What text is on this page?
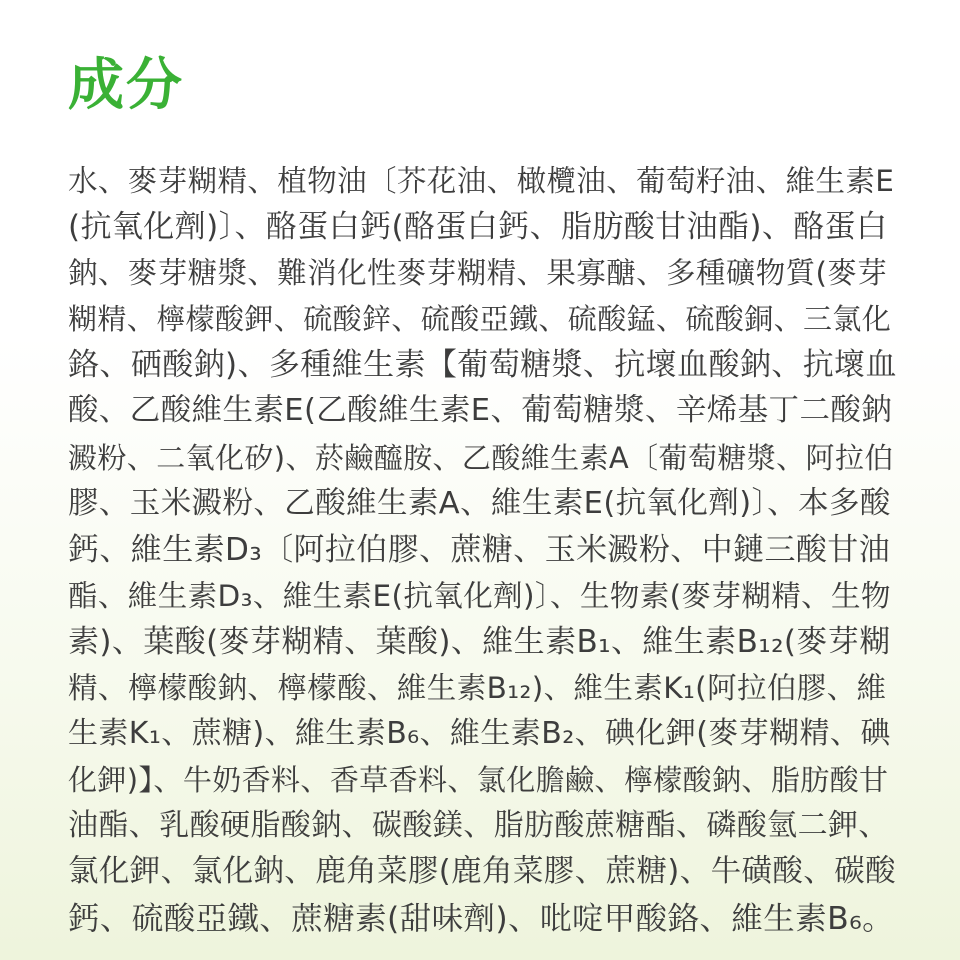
成分
水、麥芽糊精、植物油〔芥花油、橄欖油、葡萄籽油、維生素E
(抗氧化劑)〕、酪蛋白鈣(酪蛋白鈣、脂肪酸甘油酯)、酪蛋白
鈉、麥芽糖漿、難消化性麥芽糊精、果寡醣、多種礦物質(麥芽
糊精、檸檬酸鉀、硫酸鋅、硫酸亞鐵、硫酸錳、硫酸銅、三氯化
鉻、硒酸鈉)、多種維生素【葡萄糖漿、抗壞血酸鈉、抗壞血
酸、乙酸維生素E(乙酸維生素E、葡萄糖漿、辛烯基丁二酸鈉
澱粉、二氧化矽)、菸鹼醯胺、乙酸維生素A〔葡萄糖漿、阿拉伯
膠、玉米澱粉、乙酸維生素A、維生素E(抗氧化劑)〕、本多酸
鈣、維生素D₃〔阿拉伯膠、蔗糖、玉米澱粉、中鏈三酸甘油
酯、維生素D₃、維生素E(抗氧化劑)〕、生物素(麥芽糊精、生物
素)、葉酸(麥芽糊精、葉酸)、維生素B₁、維生素B₁₂(麥芽糊
精、檸檬酸鈉、檸檬酸、維生素B₁₂)、維生素K₁(阿拉伯膠、維
生素K₁、蔗糖)、維生素B₆、維生素B₂、碘化鉀(麥芽糊精、碘
化鉀)】、牛奶香料、香草香料、氯化膽鹼、檸檬酸鈉、脂肪酸甘
油酯、乳酸硬脂酸鈉、碳酸鎂、脂肪酸蔗糖酯、磷酸氫二鉀、
氯化鉀、氯化鈉、鹿角菜膠(鹿角菜膠、蔗糖)、牛磺酸、碳酸
鈣、硫酸亞鐵、蔗糖素(甜味劑)、吡啶甲酸鉻、維生素B₆。
